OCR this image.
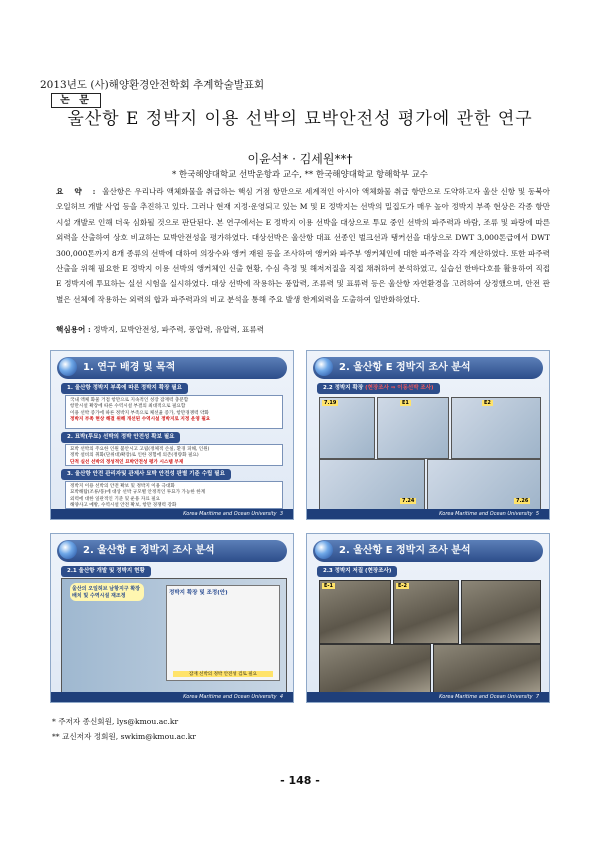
2013년도 (사)해양환경안전학회 추계학술발표회
논 문
울산항 E 정박지 이용 선박의 묘박안전성 평가에 관한 연구
이윤석* · 김세원**†
* 한국해양대학교 선박운항과 교수, ** 한국해양대학교 항해학부 교수
요 약 : 울산항은 우리나라 액체화물을 취급하는 핵심 거점 항만으로 세계적인 아시아 액체화물 취급 항만으로 도약하고자 울산 신항 및 동북아오일허브 개발 사업 등을 추진하고 있다. 그러나 현재 지정·운영되고 있는 M 및 E 정박지는 선박의 밀집도가 매우 높아 정박지 부족 현상은 각종 항만시설 개발로 인해 더욱 심화될 것으로 판단된다. 본 연구에서는 E 정박지 이용 선박을 대상으로 투묘 중인 선박의 파주력과 바람, 조류 및 파랑에 따른 외력을 산출하여 상호 비교하는 묘박안전성을 평가하였다. 대상선박은 울산항 대표 선종인 벌크선과 탱커선을 대상으로 DWT 3,000톤급에서 DWT 300,000톤까지 8개 종류의 선박에 대하여 의장수와 앵커 재원 등을 조사하여 앵커와 파주부 앵커체인에 대한 파주력을 각각 계산하였다. 또한 파주력 산출을 위해 필요한 E 정박지 이용 선박의 앵커체인 신출 현황, 수심 측정 및 해저저질을 직접 채취하여 분석하였고, 실습선 한바다호를 활용하여 직접 E 정박지에 투묘하는 실선 시험을 실시하였다. 대상 선박에 작용하는 풍압력, 조류력 및 표류력 등은 울산항 자연환경을 고려하여 상정했으며, 안전 판별은 선체에 작용하는 외력의 합과 파주력과의 비교 분석을 통해 주요 발생 한계외력을 도출하여 일반화하였다.
핵심용어 : 정박지, 묘박안전성, 파주력, 풍압력, 유압력, 표류력
1. 연구 배경 및 목적
1. 울산항 정박지 부족에 따른 정박지 확장 필요
국내 액체 화물 거점 항만으로 지속적인 성장 잠재력 충분함
항만시설 확장에 따른 수역시설 부결의 최대적으로 필요함
이용 선박 증가에 따른 정박지 부족으로 체선율 증가, 항만경쟁력 약화
정박지 부족 현상 해결 위해 개선된 수역시설 정박지로 지정 운영 필요
2. 묘박(투묘) 선박의 정박 안전성 확보 필요
묘박 선박의 주요한 인원 불안시고 고립(정체적 손실, 환경 피해, 인원)
정박 설비의 취화(단위대)확장)로 인한 경험에 의존(정량화 필요)
단적 실선 선박의 정성적인 묘박안전성 평가 시스템 부재
3. 울산항 안전 관리자및 관제사 묘박 안전성 판별 기준 수립 필요
정박지 이용 선박의 안전 확보 및 정박지 이용 극대화
묘박해탐(조류/풍)에 대상 선박 규모별 안정적인 투묘가 가능한 한계
외력에 대한 일관적인 기준 및 운용 자료 필요
해양사고 예방, 수역시설 안전 확보, 항만 경쟁력 강화
Korea Maritime and Ocean University 3
2. 울산항 E 정박지 조사 분석
2.2 정박지 확장 (현장조사 ⇒ 이동선박 조사)
7.19	E1	E2
7.24	7.26
Korea Maritime and Ocean University 5
2. 울산항 E 정박지 조사 분석
2.1 울산항 개발 및 정박지 현황
울산의 오일허브 남항지구 확장배치 및 수역시설 재조정	정박지 확장 및 조정(안)
잠재 선박의 정박 안전성 검토 필요
Korea Maritime and Ocean University 4
2. 울산항 E 정박지 조사 분석
2.3 정박지 저질 (현장조사)
E-1	E-2
Korea Maritime and Ocean University 7
* 주저자 종신회원, lys@kmou.ac.kr
** 교신저자 정회원, swkim@kmou.ac.kr
- 148 -
